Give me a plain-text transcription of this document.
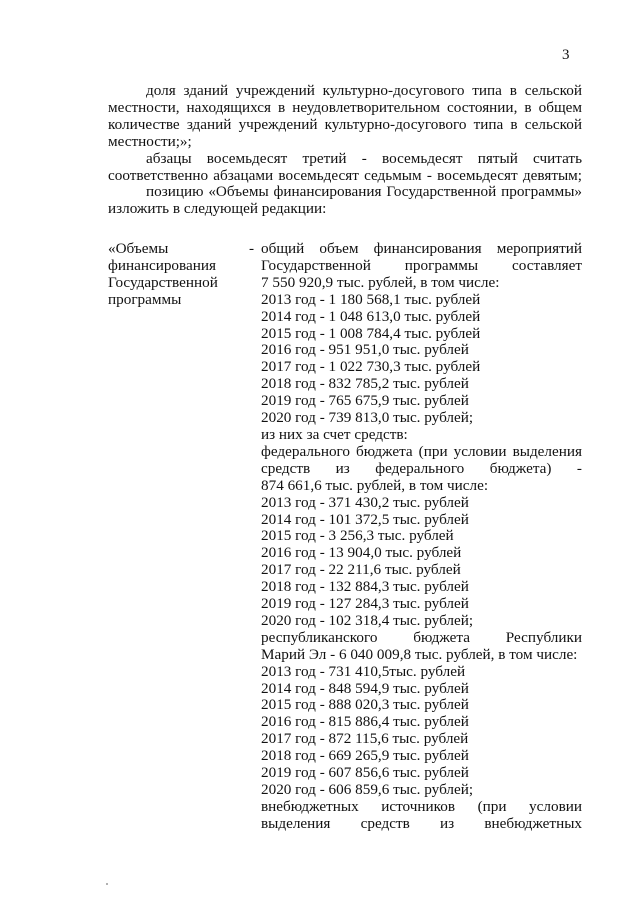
3

доля зданий учреждений культурно-досугового типа в сельской
местности, находящихся в неудовлетворительном состоянии, в общем
количестве зданий учреждений культурно-досугового типа в сельской
местности;»;

абзацы восемьдесят третий - восемьдесят пятый считать
соответственно абзацами восемьдесят седьмым - восемьдесят девятым;

позицию «Объемы финансирования Государственной программы»
изложить в следующей редакции:

«Объемы
финансирования
Государственной
программы
- общий объем финансирования мероприятий
Государственной программы составляет
7 550 920,9 тыс. рублей, в том числе:
2013 год - 1 180 568,1 тыс. рублей
2014 год - 1 048 613,0 тыс. рублей
2015 год - 1 008 784,4 тыс. рублей
2016 год - 951 951,0 тыс. рублей
2017 год - 1 022 730,3 тыс. рублей
2018 год - 832 785,2 тыс. рублей
2019 год - 765 675,9 тыс. рублей
2020 год - 739 813,0 тыс. рублей;
из них за счет средств:
федерального бюджета (при условии выделения
средств из федерального бюджета) -
874 661,6 тыс. рублей, в том числе:
2013 год - 371 430,2 тыс. рублей
2014 год - 101 372,5 тыс. рублей
2015 год - 3 256,3 тыс. рублей
2016 год - 13 904,0 тыс. рублей
2017 год - 22 211,6 тыс. рублей
2018 год - 132 884,3 тыс. рублей
2019 год - 127 284,3 тыс. рублей
2020 год - 102 318,4 тыс. рублей;
республиканского бюджета Республики
Марий Эл - 6 040 009,8 тыс. рублей, в том числе:
2013 год - 731 410,5тыс. рублей
2014 год - 848 594,9 тыс. рублей
2015 год - 888 020,3 тыс. рублей
2016 год - 815 886,4 тыс. рублей
2017 год - 872 115,6 тыс. рублей
2018 год - 669 265,9 тыс. рублей
2019 год - 607 856,6 тыс. рублей
2020 год - 606 859,6 тыс. рублей;
внебюджетных источников (при условии
выделения средств из внебюджетных
